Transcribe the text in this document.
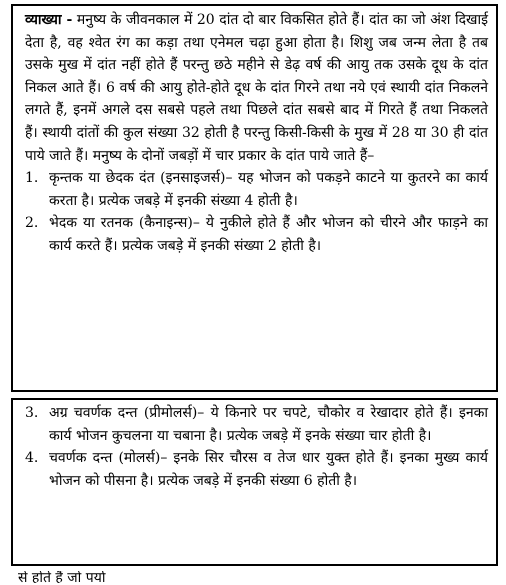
व्याख्या - मनुष्य के जीवनकाल में 20 दांत दो बार विकसित होते हैं। दांत का जो अंश दिखाई देता है, वह श्वेत रंग का कड़ा तथा एनेमल चढ़ा हुआ होता है। शिशु जब जन्म लेता है तब उसके मुख में दांत नहीं होते हैं परन्तु छठे महीने से डेढ़ वर्ष की आयु तक उसके दूध के दांत निकल आते हैं। 6 वर्ष की आयु होते-होते दूध के दांत गिरने तथा नये एवं स्थायी दांत निकलने लगते हैं, इनमें अगले दस सबसे पहले तथा पिछले दांत सबसे बाद में गिरते हैं तथा निकलते हैं। स्थायी दांतों की कुल संख्या 32 होती है परन्तु किसी-किसी के मुख में 28 या 30 ही दांत पाये जाते हैं। मनुष्य के दोनों जबड़ों में चार प्रकार के दांत पाये जाते हैं–

1. कृन्तक या छेदक दंत (इनसाइजर्स)– यह भोजन को पकड़ने काटने या कुतरने का कार्य करता है। प्रत्येक जबड़े में इनकी संख्या 4 होती है।
2. भेदक या रतनक (कैनाइन्स)– ये नुकीले होते हैं और भोजन को चीरने और फाड़ने का कार्य करते हैं। प्रत्येक जबड़े में इनकी संख्या 2 होती है।
3. अग्र चवर्णक दन्त (प्रीमोलर्स)– ये किनारे पर चपटे, चौकोर व रेखादार होते हैं। इनका कार्य भोजन कुचलना या चबाना है। प्रत्येक जबड़े में इनके संख्या चार होती है।
4. चवर्णक दन्त (मोलर्स)– इनके सिर चौरस व तेज धार युक्त होते हैं। इनका मुख्य कार्य भोजन को पीसना है। प्रत्येक जबड़े में इनकी संख्या 6 होती है।
से होते हैं जो पर्या
